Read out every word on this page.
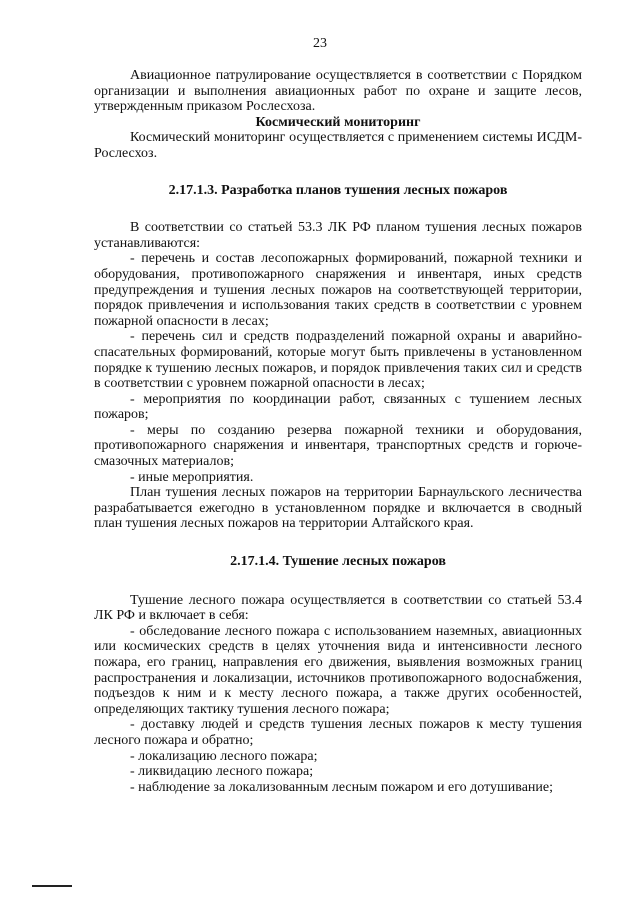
23

Авиационное патрулирование осуществляется в соответствии с Порядком организации и выполнения авиационных работ по охране и защите лесов, утвержденным приказом Рослесхоза.

Космический мониторинг

Космический мониторинг осуществляется с применением системы ИСДМ-Рослесхоз.

2.17.1.3. Разработка планов тушения лесных пожаров

В соответствии со статьей 53.3 ЛК РФ планом тушения лесных пожаров устанавливаются:

- перечень и состав лесопожарных формирований, пожарной техники и оборудования, противопожарного снаряжения и инвентаря, иных средств предупреждения и тушения лесных пожаров на соответствующей территории, порядок привлечения и использования таких средств в соответствии с уровнем пожарной опасности в лесах;

- перечень сил и средств подразделений пожарной охраны и аварийно-спасательных формирований, которые могут быть привлечены в установленном порядке к тушению лесных пожаров, и порядок привлечения таких сил и средств в соответствии с уровнем пожарной опасности в лесах;

- мероприятия по координации работ, связанных с тушением лесных пожаров;

- меры по созданию резерва пожарной техники и оборудования, противопожарного снаряжения и инвентаря, транспортных средств и горюче-смазочных материалов;

- иные мероприятия.

План тушения лесных пожаров на территории Барнаульского лесничества разрабатывается ежегодно в установленном порядке и включается в сводный план тушения лесных пожаров на территории Алтайского края.

2.17.1.4. Тушение лесных пожаров

Тушение лесного пожара осуществляется в соответствии со статьей 53.4 ЛК РФ и включает в себя:

- обследование лесного пожара с использованием наземных, авиационных или космических средств в целях уточнения вида и интенсивности лесного пожара, его границ, направления его движения, выявления возможных границ распространения и локализации, источников противопожарного водоснабжения, подъездов к ним и к месту лесного пожара, а также других особенностей, определяющих тактику тушения лесного пожара;

- доставку людей и средств тушения лесных пожаров к месту тушения лесного пожара и обратно;

- локализацию лесного пожара;

- ликвидацию лесного пожара;

- наблюдение за локализованным лесным пожаром и его дотушивание;
